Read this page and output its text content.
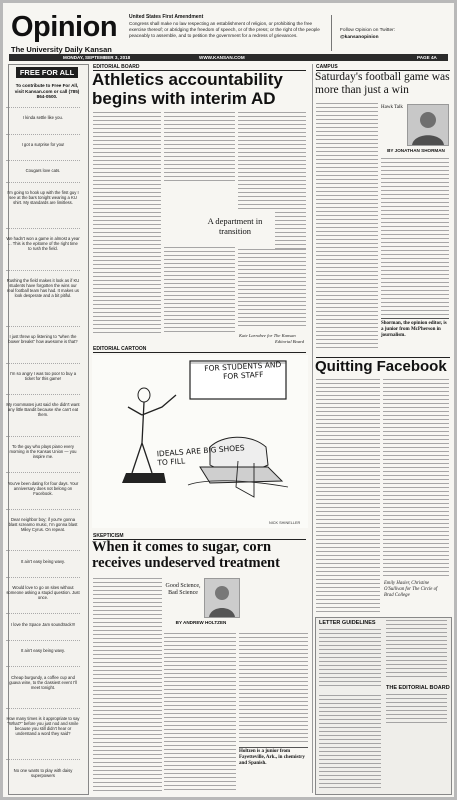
Opinion
The University Daily Kansan
United States First Amendment
Congress shall make no law respecting an establishment of religion, or prohibiting the free exercise thereof; or abridging the freedom of speech, or of the press; or the right of the people peaceably to assemble, and to petition the government for a redress of grievances.
Follow Opinion on Twitter:
@kansanopinion
MONDAY, SEPTEMBER 3, 2018	WWW.KANSAN.COM	PAGE 4A
FREE FOR ALL
To contribute to Free For All, visit Kansan.com or call (785) 864-0500.
EDITORIAL BOARD
Athletics accountability begins with interim AD
A department in transition
Kate Larrabee for The Kansan
Editorial Board
EDITORIAL CARTOON
FOR STUDENTS AND FOR STAFF
IDEALS ARE BIG SHOES TO FILL
NICK SHINELLER
SKEPTICISM
When it comes to sugar, corn receives undeserved treatment
Good Science, Bad Science
BY ANDREW HOLTZEN
Holtzen is a junior from Fayetteville, Ark., in chemistry and Spanish.
CAMPUS
Saturday's football game was more than just a win
Hawk Talk
BY JONATHAN SHORMAN
Shorman, the opinion editor, is a junior from McPherson in journalism.
Quitting Facebook
Emily Hasler, Christine
O'Sullivan for The Circle of
Brad College
LETTER GUIDELINES
THE EDITORIAL BOARD
I kinda settle like you.
I got a surprise for you!
Cougars love cats.
I'm going to hook up with the first guy I see at the bars tonight wearing a KU shirt. My standards are limitless.
We hadn't won a game in almost a year ... This is the epitome of the right time to rush the field.
Rushing the field makes it look as if KU students have forgotten the wins our real football team has had. It makes us look desperate and a bit pitiful.
I just threw up listening to "when the bower breaks" how awesome is that?
I'm so angry I was too poor to buy a ticket for this game!
My roommates just said she didn't want any little Bandit because she can't eat them.
To the guy who plays piano every morning in the Kansas Union — you inspire me.
You've been dating for four days. Your anniversary does not belong on Facebook.
Dear neighbor boy; if you're gonna blast screamo music, I'm gonna blast Miley Cyrus. On repeat.
It ain't easy being wavy.
Would love to go on sites without someone asking a stupid question. Just once.
I love the Space Jam soundtrack!!!
It ain't easy being wavy.
Cheap burgundy, a coffee cup and guava wine, to the classiest event I'll meet tonight.
How many times is it appropriate to say "What?" before you just nod and smile because you still didn't hear or understand a word they said?
No one wants to play with daisy superpowers
